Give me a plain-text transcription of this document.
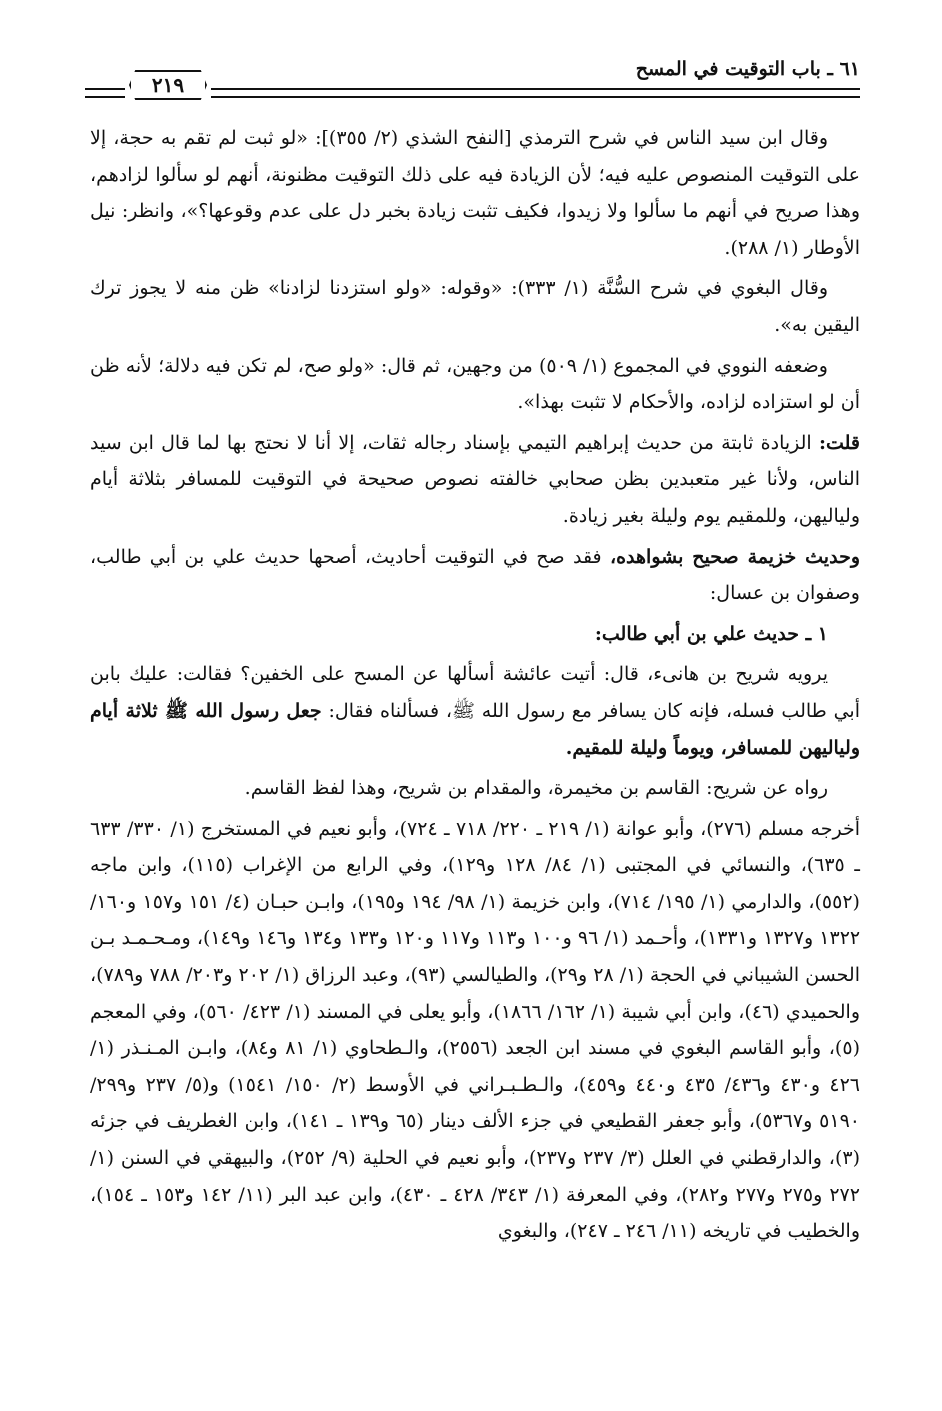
٢١٩
٦١ ـ باب التوقيت في المسح

وقال ابن سيد الناس في شرح الترمذي [النفح الشذي (٢/ ٣٥٥)]: «لو ثبت لم تقم به حجة، إلا على التوقيت المنصوص عليه فيه؛ لأن الزيادة فيه على ذلك التوقيت مظنونة، أنهم لو سألوا لزادهم، وهذا صريح في أنهم ما سألوا ولا زيدوا، فكيف تثبت زيادة بخبر دل على عدم وقوعها؟»، وانظر: نيل الأوطار (١/ ٢٨٨).

وقال البغوي في شرح السُّنَّة (١/ ٣٣٣): «وقوله: «ولو استزدنا لزادنا» ظن منه لا يجوز ترك اليقين به».

وضعفه النووي في المجموع (١/ ٥٠٩) من وجهين، ثم قال: «ولو صح، لم تكن فيه دلالة؛ لأنه ظن أن لو استزاده لزاده، والأحكام لا تثبت بهذا».

قلت: الزيادة ثابتة من حديث إبراهيم التيمي بإسناد رجاله ثقات، إلا أنا لا نحتج بها لما قال ابن سيد الناس، ولأنا غير متعبدين بظن صحابي خالفته نصوص صحيحة في التوقيت للمسافر بثلاثة أيام ولياليهن، وللمقيم يوم وليلة بغير زيادة.

وحديث خزيمة صحيح بشواهده، فقد صح في التوقيت أحاديث، أصحها حديث علي بن أبي طالب، وصفوان بن عسال:

١ ـ حديث علي بن أبي طالب:

يرويه شريح بن هانىء، قال: أتيت عائشة أسألها عن المسح على الخفين؟ فقالت: عليك بابن أبي طالب فسله، فإنه كان يسافر مع رسول الله ﷺ، فسألناه فقال: جعل رسول الله ﷺ ثلاثة أيام ولياليهن للمسافر، ويوماً وليلة للمقيم.

رواه عن شريح: القاسم بن مخيمرة، والمقدام بن شريح، وهذا لفظ القاسم.

أخرجه مسلم (٢٧٦)، وأبو عوانة (١/ ٢١٩ ـ ٢٢٠/ ٧١٨ ـ ٧٢٤)، وأبو نعيم في المستخرج (١/ ٣٣٠/ ٦٣٣ ـ ٦٣٥)، والنسائي في المجتبى (١/ ٨٤/ ١٢٨ و١٢٩)، وفي الرابع من الإغراب (١١٥)، وابن ماجه (٥٥٢)، والدارمي (١/ ١٩٥/ ٧١٤)، وابن خزيمة (١/ ٩٨/ ١٩٤ و١٩٥)، وابـن حبـان (٤/ ١٥١ و١٥٧ و١٦٠/ ١٣٢٢ و١٣٢٧ و١٣٣١)، وأحـمد (١/ ٩٦ و١٠٠ و١١٣ و١١٧ و١٢٠ و١٣٣ و١٣٤ و١٤٦ و١٤٩)، ومـحـمـد بـن الحسن الشيباني في الحجة (١/ ٢٨ و٢٩)، والطيالسي (٩٣)، وعبد الرزاق (١/ ٢٠٢ و٢٠٣/ ٧٨٨ و٧٨٩)، والحميدي (٤٦)، وابن أبي شيبة (١/ ١٦٢/ ١٨٦٦)، وأبو يعلى في المسند (١/ ٤٢٣/ ٥٦٠)، وفي المعجم (٥)، وأبو القاسم البغوي في مسند ابن الجعد (٢٥٥٦)، والـطحاوي (١/ ٨١ و٨٤)، وابـن المـنـذر (١/ ٤٢٦ و٤٣٠ و٤٣٦/ ٤٣٥ و٤٤٠ و٤٥٩)، والـطـبـراني في الأوسط (٢/ ١٥٠/ ١٥٤١) و(٥/ ٢٣٧ و٢٩٩/ ٥١٩٠ و٥٣٦٧)، وأبو جعفر القطيعي في جزء الألف دينار (٦٥ و١٣٩ ـ ١٤١)، وابن الغطريف في جزئه (٣)، والدارقطني في العلل (٣/ ٢٣٧ و٢٣٧)، وأبو نعيم في الحلية (٩/ ٢٥٢)، والبيهقي في السنن (١/ ٢٧٢ و٢٧٥ و٢٧٧ و٢٨٢)، وفي المعرفة (١/ ٣٤٣/ ٤٢٨ ـ ٤٣٠)، وابن عبد البر (١١/ ١٤٢ و١٥٣ ـ ١٥٤)، والخطيب في تاريخه (١١/ ٢٤٦ ـ ٢٤٧)، والبغوي
